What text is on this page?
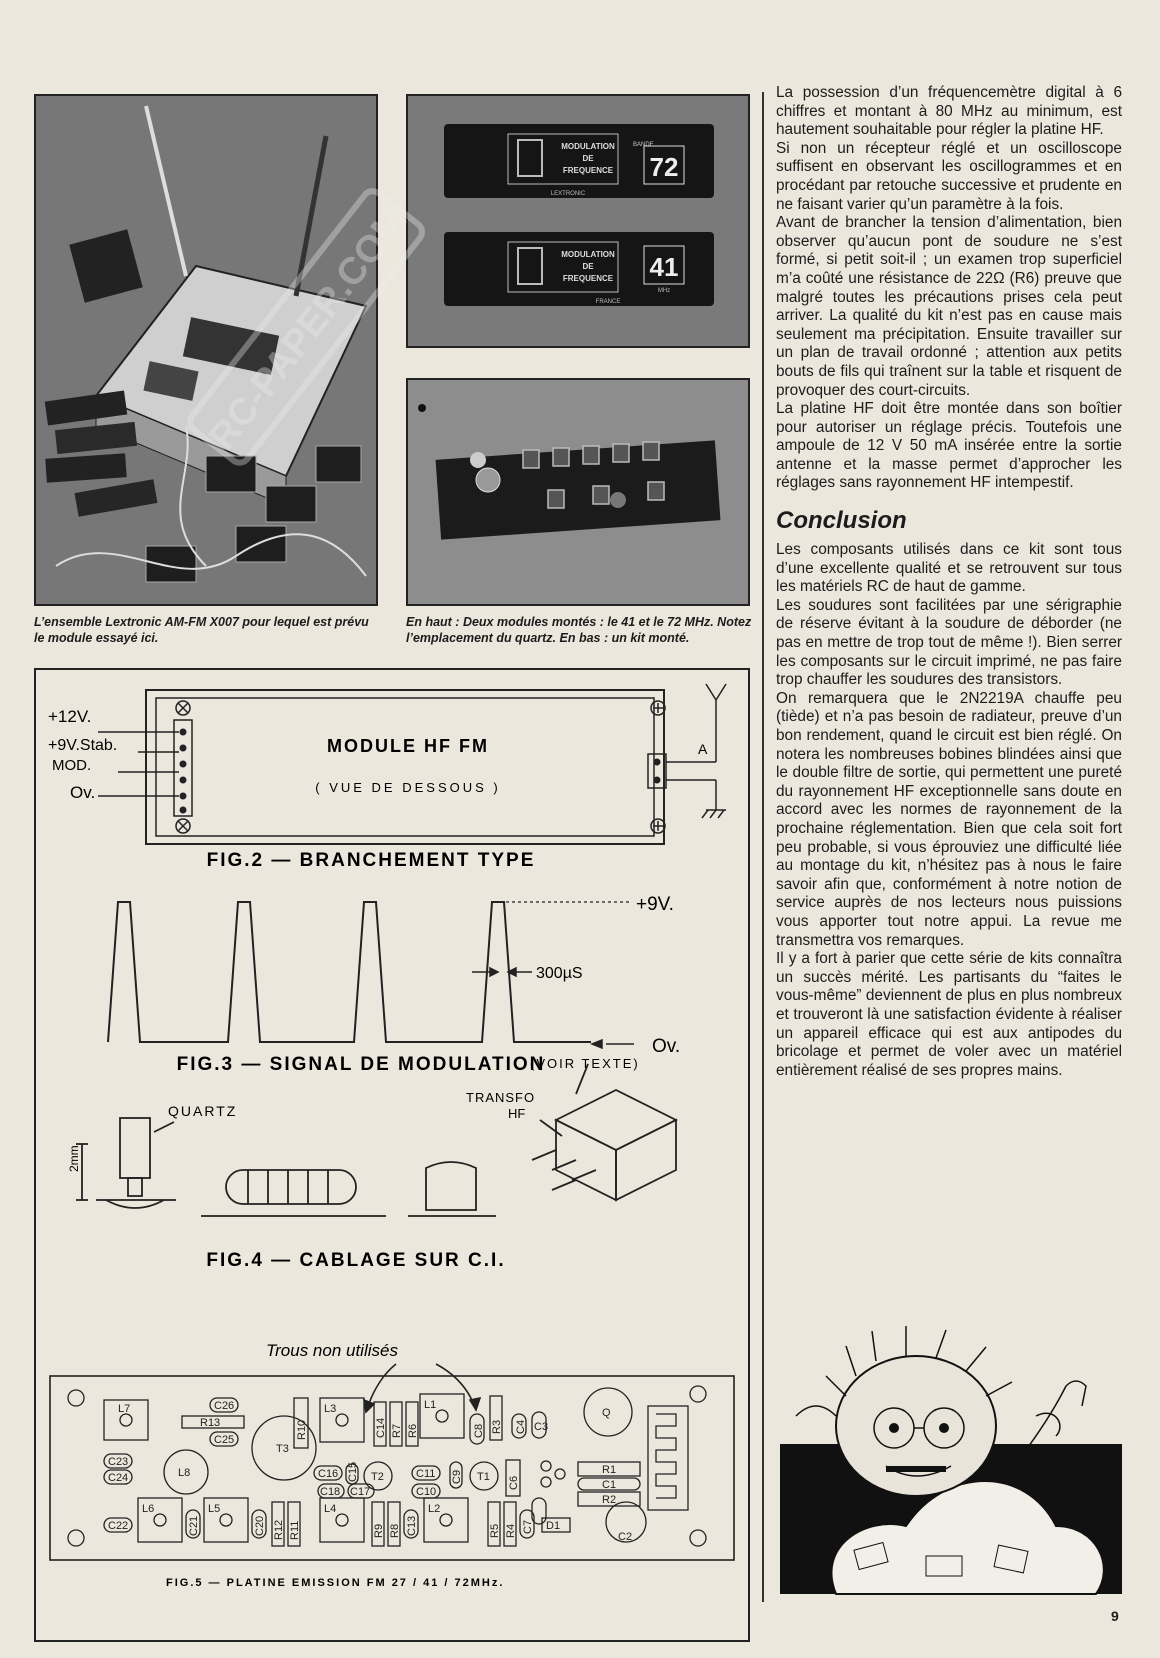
MODULATION
DE
FREQUENCE
BANDE
72
LEXTRONIC
MODULATION
DE
FREQUENCE 41
MHz
FRANCE
RC-PAPER.COM
L’ensemble Lextronic AM-FM X007 pour lequel est prévu le module essayé ici.
En haut : Deux modules montés : le 41 et le 72 MHz. Notez l’emplacement du quartz. En bas : un kit monté.
+12V.
+9V.Stab.
MOD.
Ov.
A
MODULE HF FM
( VUE DE DESSOUS )
FIG.2 — BRANCHEMENT TYPE
+9V.
300µS
Ov.
FIG.3 — SIGNAL DE MODULATION
QUARTZ
2mm
TRANSFO
HF
(VOIR TEXTE)
FIG.4 — CABLAGE SUR C.I.
Trous non utilisés
L7	C26
R13
C25
C23
C24	L8
T3
R10
L3
C14 R7 R6
L1
C8 R3 C4 C3
Q
C16 C15
C18 C17
T2	C11
C10
C9 T1 C6
R1
C1
R2
C22
L6
C21
L5
C20 R12 R11
L4
R9 R8 C13
L2
R5 R4 C7 D1
C2
FIG.5 — PLATINE EMISSION FM 27 / 41 / 72MHz.

La possession d’un fréquencemètre digital à 6 chiffres et montant à 80 MHz au minimum, est hautement souhaitable pour régler la platine HF.

Si non un récepteur réglé et un oscilloscope suffisent en observant les oscillogrammes et en procédant par retouche successive et prudente en ne faisant varier qu’un paramètre à la fois.

Avant de brancher la tension d’alimentation, bien observer qu’aucun pont de soudure ne s’est formé, si petit soit-il ; un examen trop superficiel m’a coûté une résistance de 22Ω (R6) preuve que malgré toutes les précautions prises cela peut arriver. La qualité du kit n’est pas en cause mais seulement ma précipitation. Ensuite travailler sur un plan de travail ordonné ; attention aux petits bouts de fils qui traînent sur la table et risquent de provoquer des court-circuits.

La platine HF doit être montée dans son boîtier pour autoriser un réglage précis. Toutefois une ampoule de 12 V 50 mA insérée entre la sortie antenne et la masse permet d’approcher les réglages sans rayonnement HF intempestif.

Conclusion

Les composants utilisés dans ce kit sont tous d’une excellente qualité et se retrouvent sur tous les matériels RC de haut de gamme.

Les soudures sont facilitées par une sérigraphie de réserve évitant à la soudure de déborder (ne pas en mettre de trop tout de même !). Bien serrer les composants sur le circuit imprimé, ne pas faire trop chauffer les soudures des transistors.

On remarquera que le 2N2219A chauffe peu (tiède) et n’a pas besoin de radiateur, preuve d’un bon rendement, quand le circuit est bien réglé. On notera les nombreuses bobines blindées ainsi que le double filtre de sortie, qui permettent une pureté du rayonnement HF exceptionnelle sans doute en accord avec les normes de rayonnement de la prochaine réglementation. Bien que cela soit fort peu probable, si vous éprouviez une difficulté liée au montage du kit, n’hésitez pas à nous le faire savoir afin que, conformément à notre notion de service auprès de nos lecteurs nous puissions vous apporter tout notre appui. La revue me transmettra vos remarques.

Il y a fort à parier que cette série de kits connaîtra un succès mérité. Les partisants du “faites le vous-même” deviennent de plus en plus nombreux et trouveront là une satisfaction évidente à réaliser un appareil efficace qui est aux antipodes du bricolage et permet de voler avec un matériel entièrement réalisé de ses propres mains.

9
